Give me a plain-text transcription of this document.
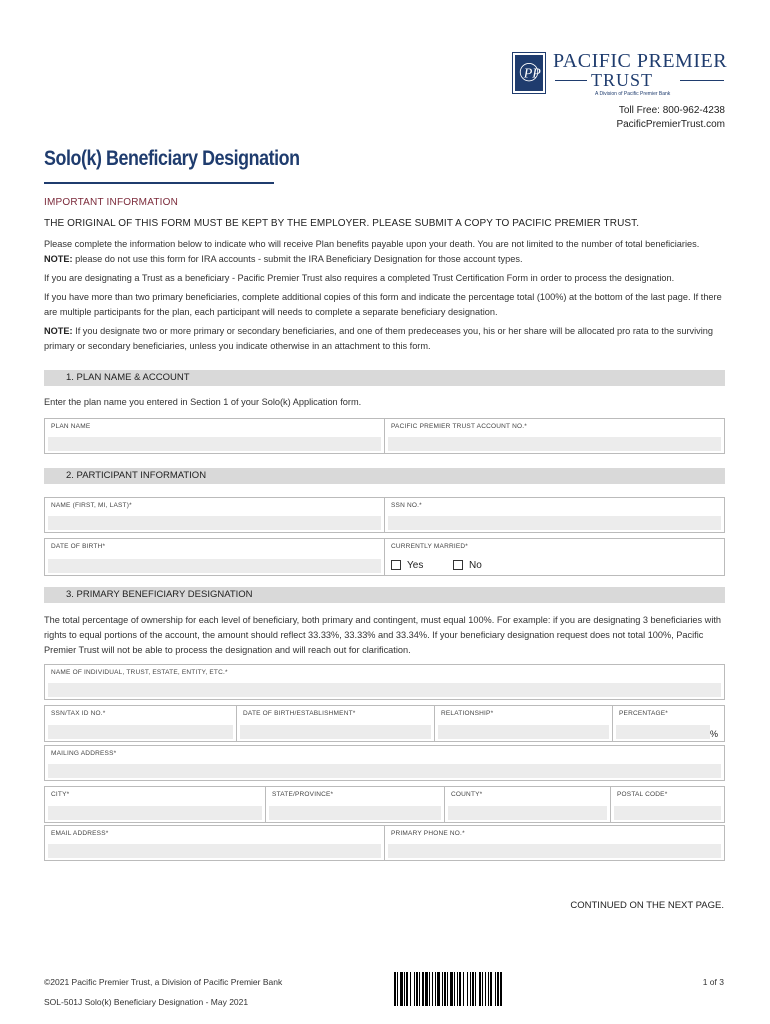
PP
PACIFIC PREMIER
TRUST
A Division of Pacific Premier Bank
Toll Free: 800-962-4238
PacificPremierTrust.com
Solo(k) Beneficiary Designation
IMPORTANT INFORMATION
THE ORIGINAL OF THIS FORM MUST BE KEPT BY THE EMPLOYER. PLEASE SUBMIT A COPY TO PACIFIC PREMIER TRUST.
Please complete the information below to indicate who will receive Plan benefits payable upon your death. You are not limited to the number of total beneficiaries. NOTE: please do not use this form for IRA accounts - submit the IRA Beneficiary Designation for those account types.
If you are designating a Trust as a beneficiary - Pacific Premier Trust also requires a completed Trust Certification Form in order to process the designation.
If you have more than two primary beneficiaries, complete additional copies of this form and indicate the percentage total (100%) at the bottom of the last page. If there are multiple participants for the plan, each participant will needs to complete a separate beneficiary designation.
NOTE: If you designate two or more primary or secondary beneficiaries, and one of them predeceases you, his or her share will be allocated pro rata to the surviving primary or secondary beneficiaries, unless you indicate otherwise in an attachment to this form.
1. PLAN NAME & ACCOUNT
Enter the plan name you entered in Section 1 of your Solo(k) Application form.
PLAN NAME	PACIFIC PREMIER TRUST ACCOUNT NO.*
2. PARTICIPANT INFORMATION
NAME (FIRST, MI, LAST)*	SSN NO.*
DATE OF BIRTH*	CURRENTLY MARRIED*
Yes	No
3. PRIMARY BENEFICIARY DESIGNATION
The total percentage of ownership for each level of beneficiary, both primary and contingent, must equal 100%. For example: if you are designating 3 beneficiaries with rights to equal portions of the account, the amount should reflect 33.33%, 33.33% and 33.34%. If your beneficiary designation request does not total 100%, Pacific Premier Trust will not be able to process the designation and will reach out for clarification.
NAME OF INDIVIDUAL, TRUST, ESTATE, ENTITY, ETC.*
SSN/TAX ID NO.*	DATE OF BIRTH/ESTABLISHMENT*	RELATIONSHIP*	PERCENTAGE*
%
MAILING ADDRESS*
CITY*	STATE/PROVINCE*	COUNTY*	POSTAL CODE*
EMAIL ADDRESS*	PRIMARY PHONE NO.*
CONTINUED ON THE NEXT PAGE.
©2021 Pacific Premier Trust, a Division of Pacific Premier Bank
SOL-501J Solo(k) Beneficiary Designation - May 2021
1 of 3
